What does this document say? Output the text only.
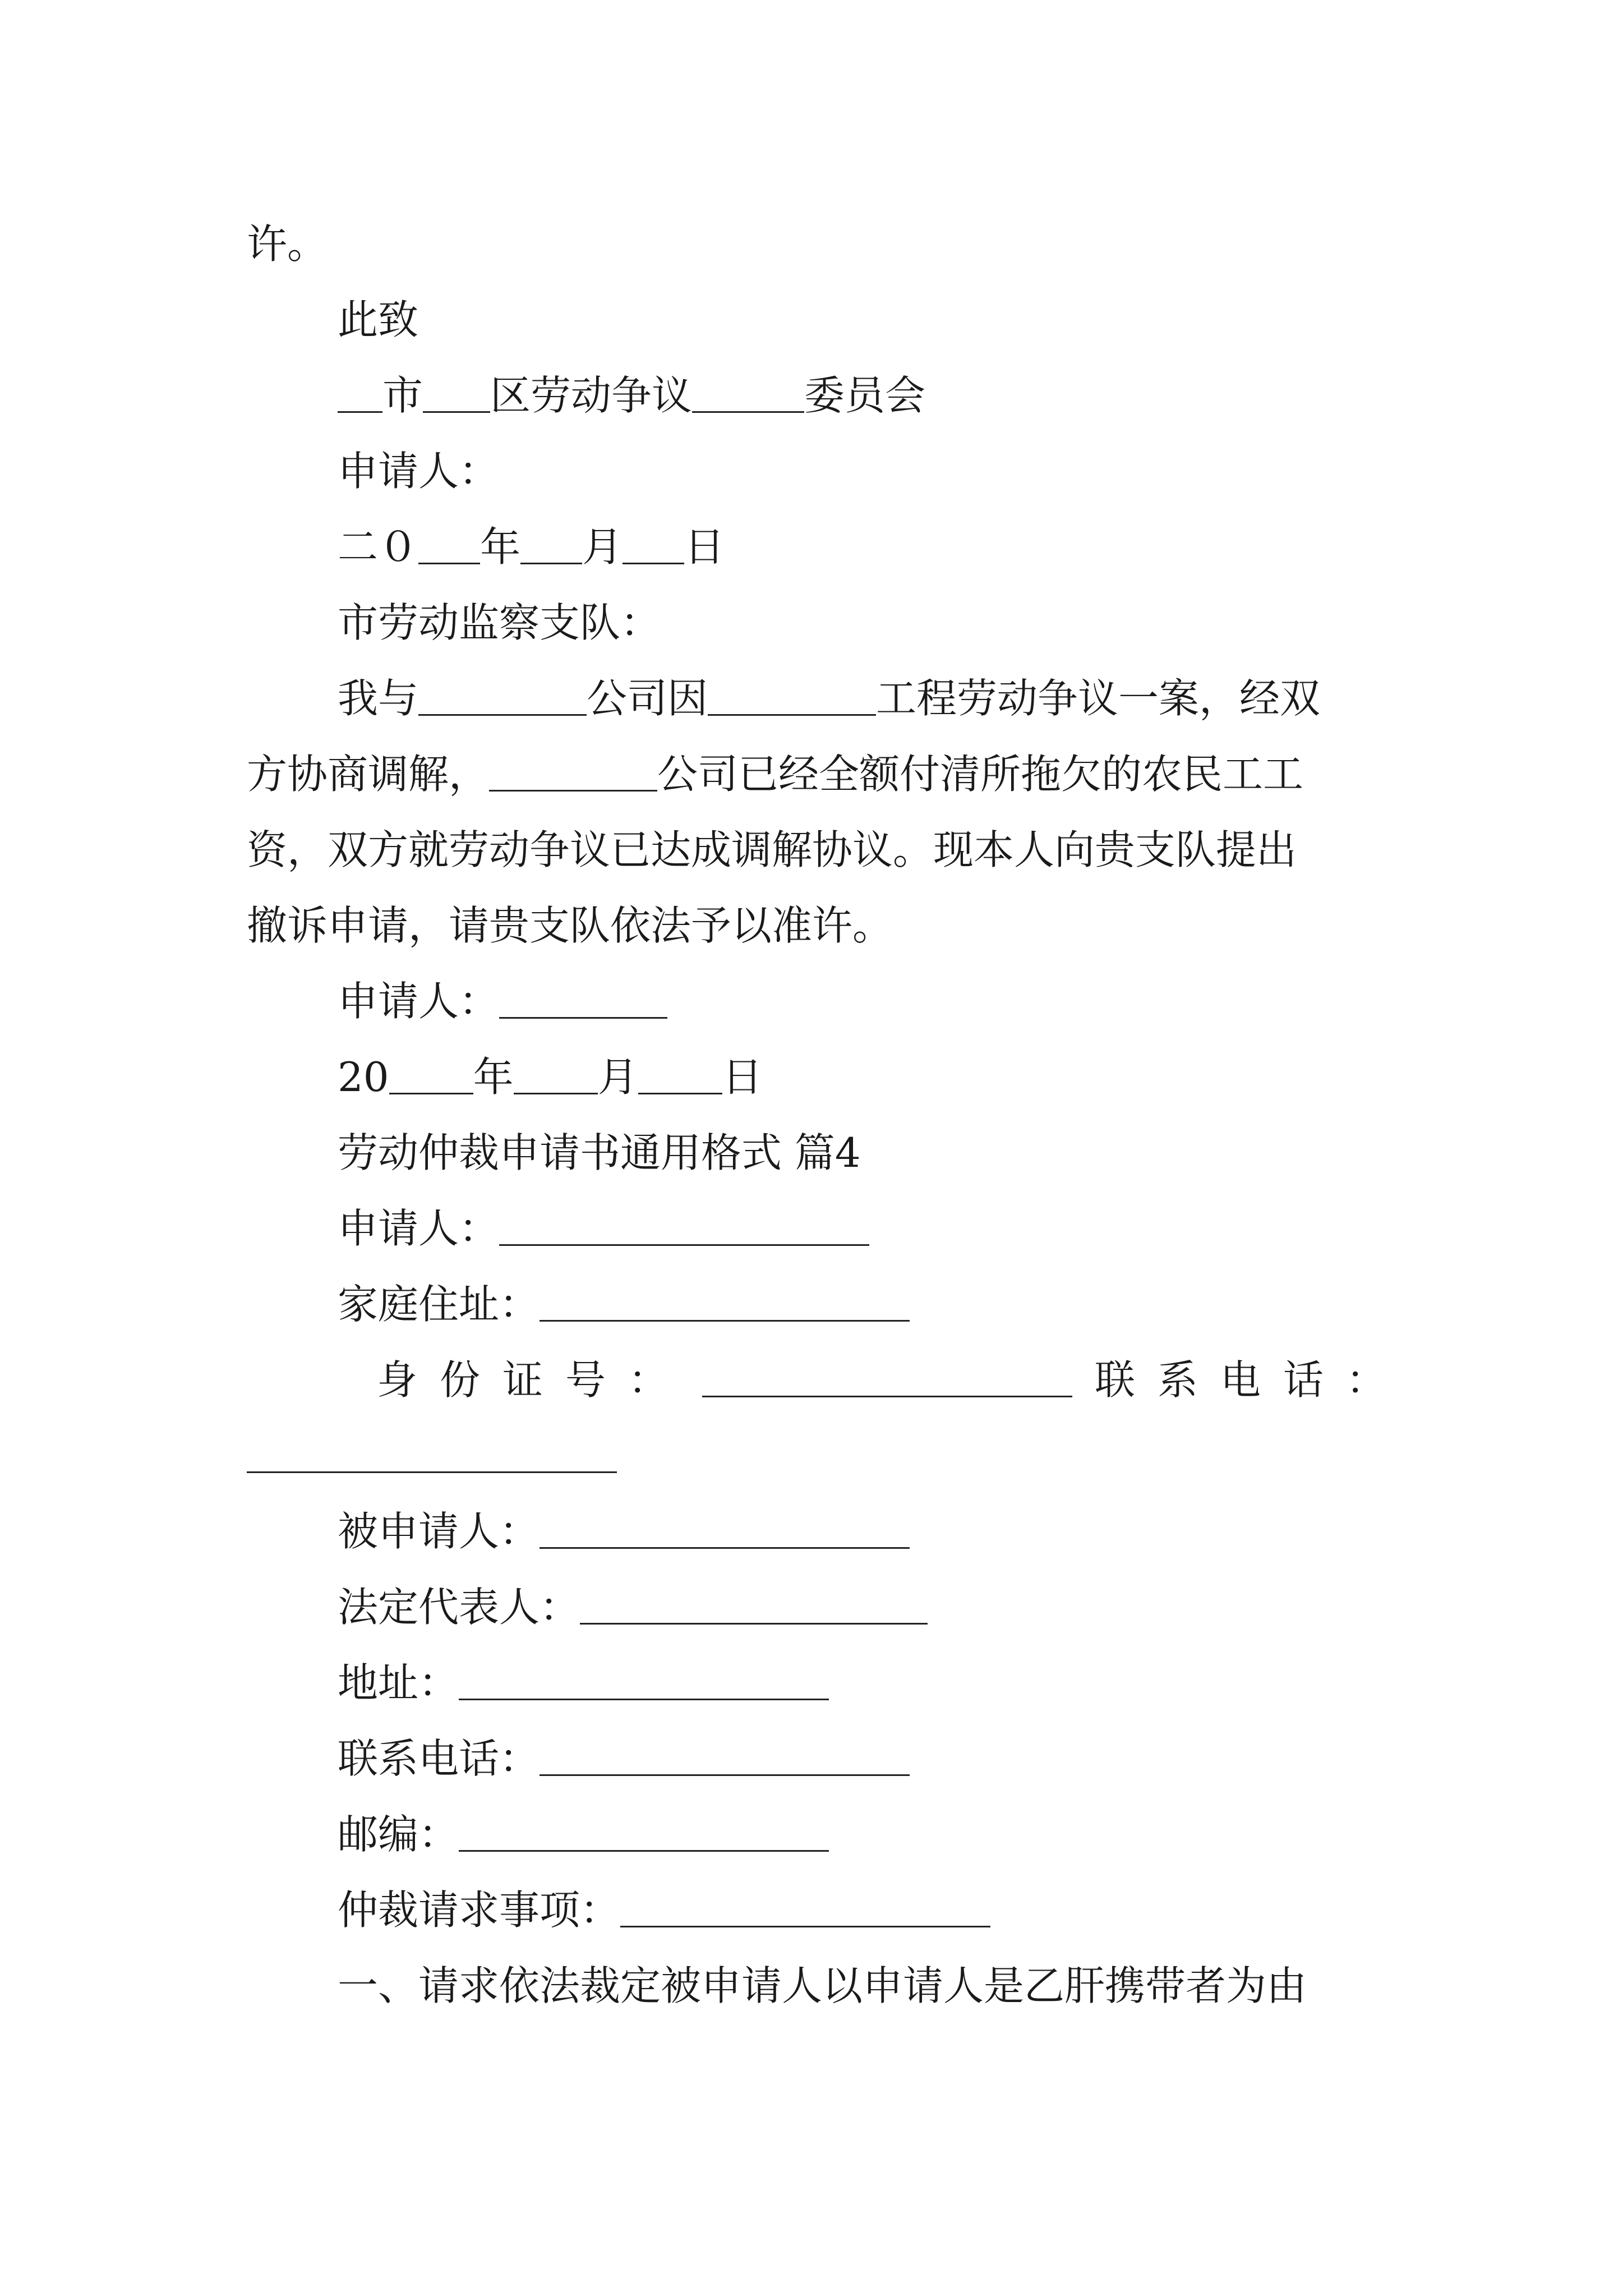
许。
此致
市 区劳动争议	委员会
申请人：
二０ 年 月 日
市劳动监察支队：
我与	公司因	工程劳动争议一案，经双
方协商调解，	公司已经全额付清所拖欠的农民工工
资，双方就劳动争议已达成调解协议。现本人向贵支队提出
撤诉申请，请贵支队依法予以准许。
申请人：
20 年 月 日
劳动仲裁申请书通用格式 篇4
申请人：
家庭住址：
身份证号：	联系电话：
被申请人：
法定代表人：
地址：
联系电话：
邮编：
仲裁请求事项：
一、请求依法裁定被申请人以申请人是乙肝携带者为由
